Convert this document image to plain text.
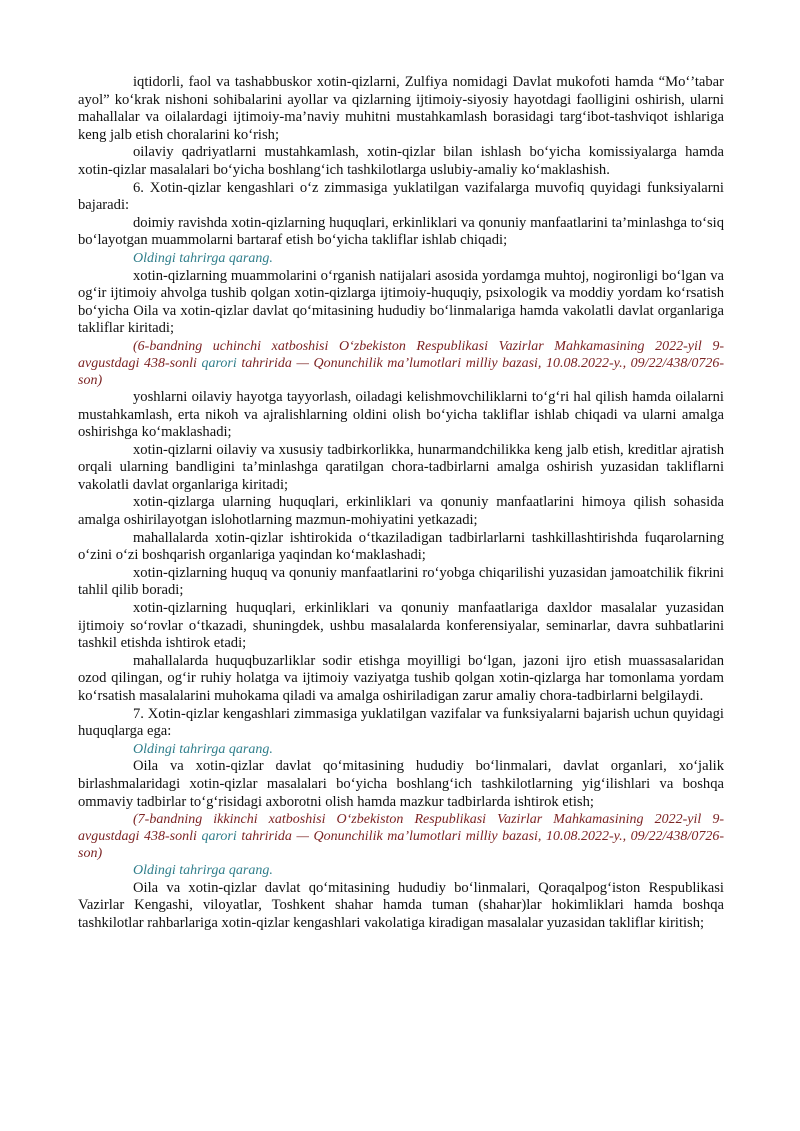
iqtidorli, faol va tashabbuskor xotin-qizlarni, Zulfiya nomidagi Davlat mukofoti hamda “Mo‘’tabar ayol” ko‘krak nishoni sohibalarini ayollar va qizlarning ijtimoiy-siyosiy hayotdagi faolligini oshirish, ularni mahallalar va oilalardagi ijtimoiy-ma’naviy muhitni mustahkamlash borasidagi targ‘ibot-tashviqot ishlariga keng jalb etish choralarini ko‘rish;

oilaviy qadriyatlarni mustahkamlash, xotin-qizlar bilan ishlash bo‘yicha komissiyalarga hamda xotin-qizlar masalalari bo‘yicha boshlang‘ich tashkilotlarga uslubiy-amaliy ko‘maklashish.

6. Xotin-qizlar kengashlari o‘z zimmasiga yuklatilgan vazifalarga muvofiq quyidagi funksiyalarni bajaradi:

doimiy ravishda xotin-qizlarning huquqlari, erkinliklari va qonuniy manfaatlarini ta’minlashga to‘siq bo‘layotgan muammolarni bartaraf etish bo‘yicha takliflar ishlab chiqadi;

Oldingi tahrirga qarang.

xotin-qizlarning muammolarini o‘rganish natijalari asosida yordamga muhtoj, nogironligi bo‘lgan va og‘ir ijtimoiy ahvolga tushib qolgan xotin-qizlarga ijtimoiy-huquqiy, psixologik va moddiy yordam ko‘rsatish bo‘yicha Oila va xotin-qizlar davlat qo‘mitasining hududiy bo‘linmalariga hamda vakolatli davlat organlariga takliflar kiritadi;

(6-bandning uchinchi xatboshisi O‘zbekiston Respublikasi Vazirlar Mahkamasining 2022-yil 9-avgustdagi 438-sonli qarori tahririda — Qonunchilik ma’lumotlari milliy bazasi, 10.08.2022-y., 09/22/438/0726-son)

yoshlarni oilaviy hayotga tayyorlash, oiladagi kelishmovchiliklarni to‘g‘ri hal qilish hamda oilalarni mustahkamlash, erta nikoh va ajralishlarning oldini olish bo‘yicha takliflar ishlab chiqadi va ularni amalga oshirishga ko‘maklashadi;

xotin-qizlarni oilaviy va xususiy tadbirkorlikka, hunarmandchilikka keng jalb etish, kreditlar ajratish orqali ularning bandligini ta’minlashga qaratilgan chora-tadbirlarni amalga oshirish yuzasidan takliflarni vakolatli davlat organlariga kiritadi;

xotin-qizlarga ularning huquqlari, erkinliklari va qonuniy manfaatlarini himoya qilish sohasida amalga oshirilayotgan islohotlarning mazmun-mohiyatini yetkazadi;

mahallalarda xotin-qizlar ishtirokida o‘tkaziladigan tadbirlarlarni tashkillashtirishda fuqarolarning o‘zini o‘zi boshqarish organlariga yaqindan ko‘maklashadi;

xotin-qizlarning huquq va qonuniy manfaatlarini ro‘yobga chiqarilishi yuzasidan jamoatchilik fikrini tahlil qilib boradi;

xotin-qizlarning huquqlari, erkinliklari va qonuniy manfaatlariga daxldor masalalar yuzasidan ijtimoiy so‘rovlar o‘tkazadi, shuningdek, ushbu masalalarda konferensiyalar, seminarlar, davra suhbatlarini tashkil etishda ishtirok etadi;

mahallalarda huquqbuzarliklar sodir etishga moyilligi bo‘lgan, jazoni ijro etish muassasalaridan ozod qilingan, og‘ir ruhiy holatga va ijtimoiy vaziyatga tushib qolgan xotin-qizlarga har tomonlama yordam ko‘rsatish masalalarini muhokama qiladi va amalga oshiriladigan zarur amaliy chora-tadbirlarni belgilaydi.

7. Xotin-qizlar kengashlari zimmasiga yuklatilgan vazifalar va funksiyalarni bajarish uchun quyidagi huquqlarga ega:

Oldingi tahrirga qarang.

Oila va xotin-qizlar davlat qo‘mitasining hududiy bo‘linmalari, davlat organlari, xo‘jalik birlashmalaridagi xotin-qizlar masalalari bo‘yicha boshlang‘ich tashkilotlarning yig‘ilishlari va boshqa ommaviy tadbirlar to‘g‘risidagi axborotni olish hamda mazkur tadbirlarda ishtirok etish;

(7-bandning ikkinchi xatboshisi O‘zbekiston Respublikasi Vazirlar Mahkamasining 2022-yil 9-avgustdagi 438-sonli qarori tahririda — Qonunchilik ma’lumotlari milliy bazasi, 10.08.2022-y., 09/22/438/0726-son)

Oldingi tahrirga qarang.

Oila va xotin-qizlar davlat qo‘mitasining hududiy bo‘linmalari, Qoraqalpog‘iston Respublikasi Vazirlar Kengashi, viloyatlar, Toshkent shahar hamda tuman (shahar)lar hokimliklari hamda boshqa tashkilotlar rahbarlariga xotin-qizlar kengashlari vakolatiga kiradigan masalalar yuzasidan takliflar kiritish;
